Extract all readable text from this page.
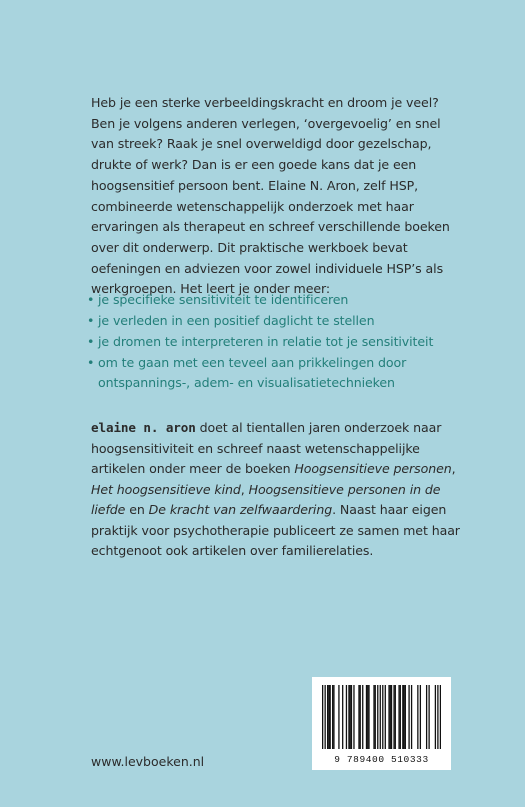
Heb je een sterke verbeeldingskracht en droom je veel? Ben je volgens anderen verlegen, ‘overgevoelig’ en snel van streek? Raak je snel overweldigd door gezelschap, drukte of werk? Dan is er een goede kans dat je een hoogsensitief persoon bent. Elaine N. Aron, zelf HSP, combineerde wetenschappelijk onderzoek met haar ervaringen als therapeut en schreef verschillende boeken over dit onderwerp. Dit praktische werkboek bevat oefeningen en adviezen voor zowel individuele HSP’s als werkgroepen. Het leert je onder meer:

• je specifieke sensitiviteit te identificeren
• je verleden in een positief daglicht te stellen
• je dromen te interpreteren in relatie tot je sensitiviteit
• om te gaan met een teveel aan prikkelingen door ontspannings-, adem- en visualisatietechnieken
elaine n. aron doet al tientallen jaren onderzoek naar hoogsensitiviteit en schreef naast wetenschappelijke artikelen onder meer de boeken Hoogsensitieve personen, Het hoogsensitieve kind, Hoogsensitieve personen in de liefde en De kracht van zelfwaardering. Naast haar eigen praktijk voor psychotherapie publiceert ze samen met haar echtgenoot ook artikelen over familierelaties.
9 789400 510333
www.levboeken.nl
